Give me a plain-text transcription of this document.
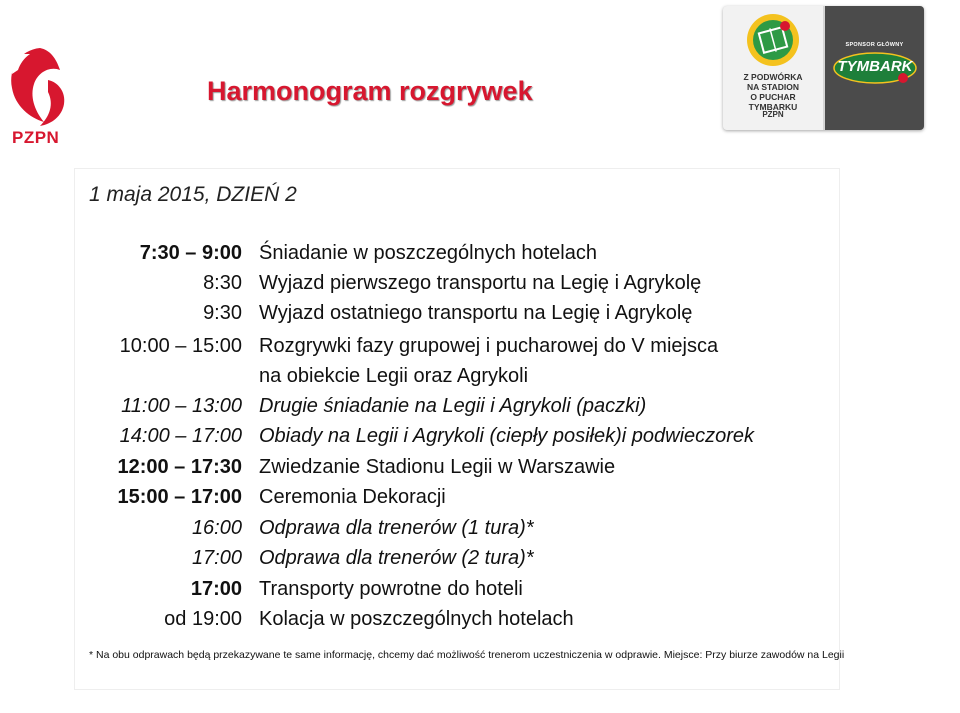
PZPN
Harmonogram rozgrywek	Z PODWÓRKA
NA STADION
O PUCHAR TYMBARKU
PZPN
SPONSOR GŁÓWNY
TYMBARK
1 maja 2015, DZIEŃ 2
7:30 – 9:00 Śniadanie w poszczególnych hotelach
8:30 Wyjazd pierwszego transportu na Legię i Agrykolę
9:30 Wyjazd ostatniego transportu na Legię i Agrykolę
10:00 – 15:00 Rozgrywki fazy grupowej i pucharowej do V miejsca
na obiekcie Legii oraz Agrykoli
11:00 – 13:00 Drugie śniadanie na Legii i Agrykoli (paczki)
14:00 – 17:00 Obiady na Legii i Agrykoli (ciepły posiłek)i podwieczorek
12:00 – 17:30 Zwiedzanie Stadionu Legii w Warszawie
15:00 – 17:00 Ceremonia Dekoracji
16:00 Odprawa dla trenerów (1 tura)*
17:00 Odprawa dla trenerów (2 tura)*
17:00 Transporty powrotne do hoteli
od 19:00 Kolacja w poszczególnych hotelach
* Na obu odprawach będą przekazywane te same informację, chcemy dać możliwość trenerom uczestniczenia w odprawie. Miejsce: Przy biurze zawodów na Legii
